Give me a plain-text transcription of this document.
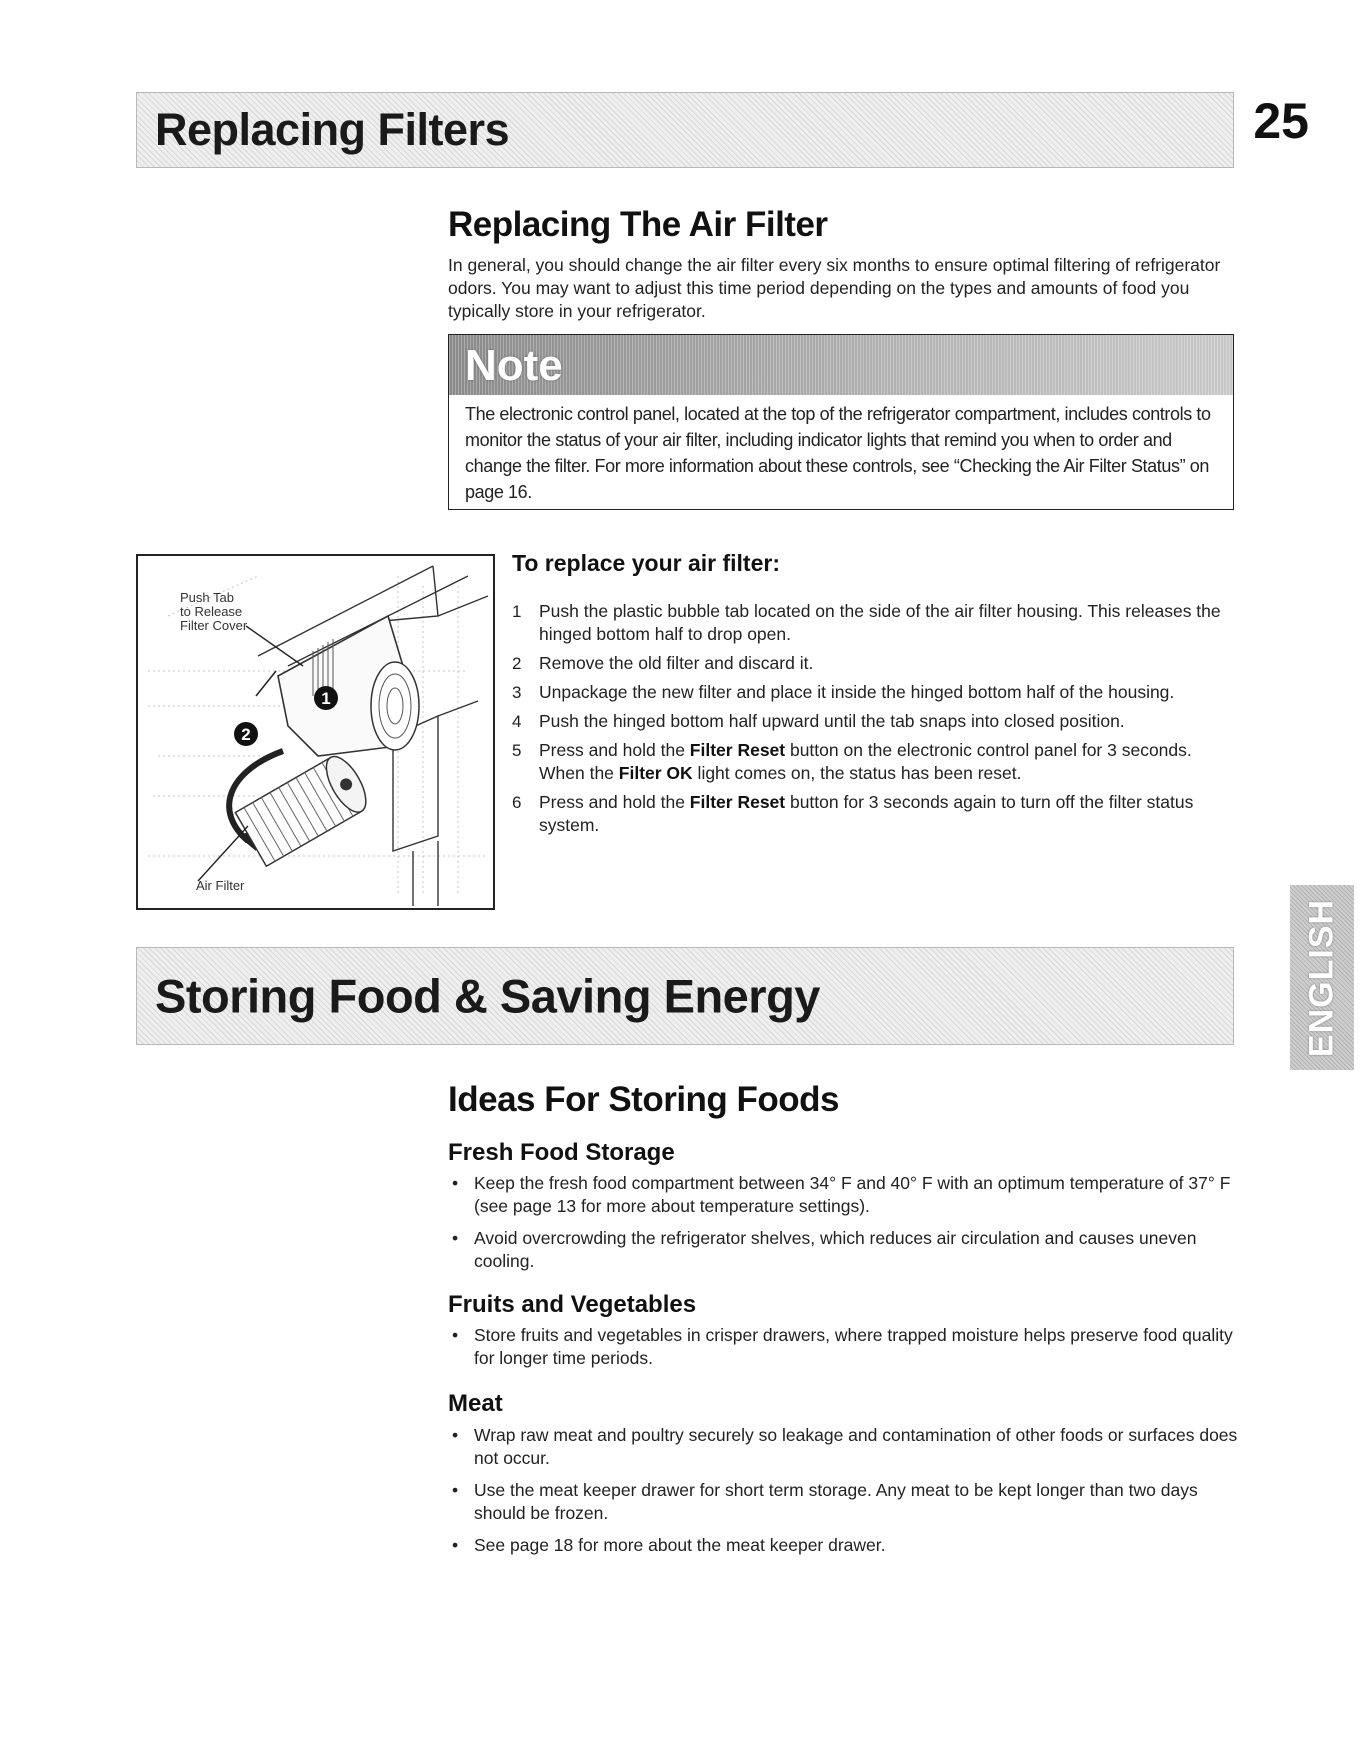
Replacing Filters	25
Replacing The Air Filter
In general, you should change the air filter every six months to ensure optimal filtering of refrigerator odors. You may want to adjust this time period depending on the types and amounts of food you typically store in your refrigerator.
Note
The electronic control panel, located at the top of the refrigerator compartment, includes controls to monitor the status of your air filter, including indicator lights that remind you when to order and change the filter. For more information about these controls, see “Checking the Air Filter Status” on page 16.
1
2
Push Tab
to Release
Filter Cover
Air Filter
To replace your air filter:
1 Push the plastic bubble tab located on the side of the air filter housing. This releases the hinged bottom half to drop open.
2 Remove the old filter and discard it.
3 Unpackage the new filter and place it inside the hinged bottom half of the housing.
4 Push the hinged bottom half upward until the tab snaps into closed position.
5 Press and hold the Filter Reset button on the electronic control panel for 3 seconds. When the Filter OK light comes on, the status has been reset.
6 Press and hold the Filter Reset button for 3 seconds again to turn off the filter status system.
Storing Food & Saving Energy	ENGLISH
Ideas For Storing Foods
Fresh Food Storage
• Keep the fresh food compartment between 34° F and 40° F with an optimum temperature of 37° F (see page 13 for more about temperature settings).
• Avoid overcrowding the refrigerator shelves, which reduces air circulation and causes uneven cooling.
Fruits and Vegetables
• Store fruits and vegetables in crisper drawers, where trapped moisture helps preserve food quality for longer time periods.
Meat
• Wrap raw meat and poultry securely so leakage and contamination of other foods or surfaces does not occur.
• Use the meat keeper drawer for short term storage. Any meat to be kept longer than two days should be frozen.
• See page 18 for more about the meat keeper drawer.
